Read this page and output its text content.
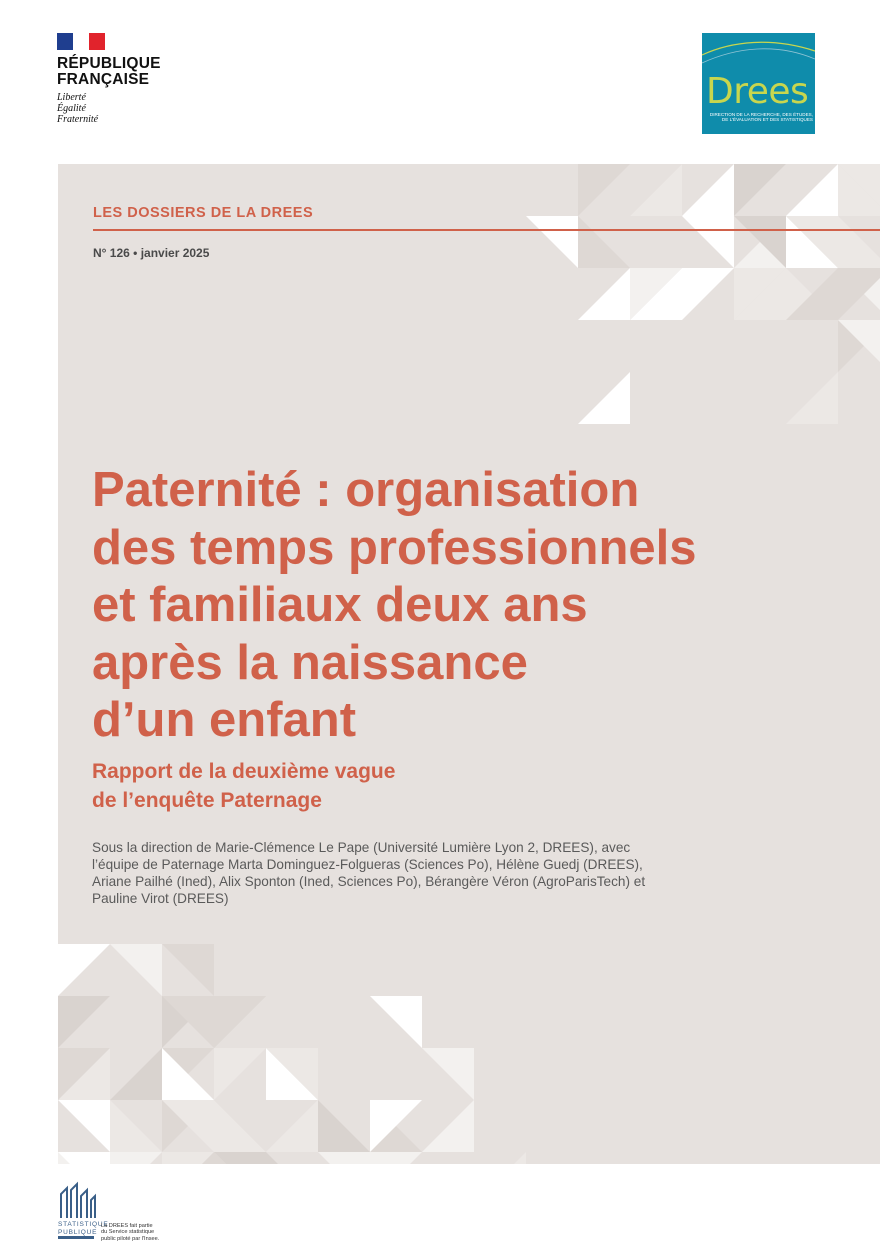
RÉPUBLIQUE
FRANÇAISE
Liberté
Égalité
Fraternité
Drees
DIRECTION DE LA RECHERCHE, DES ÉTUDES,
DE L'ÉVALUATION ET DES STATISTIQUES
LES DOSSIERS DE LA DREES
N° 126 • janvier 2025
Paternité : organisation
des temps professionnels
et familiaux deux ans
après la naissance
d’un enfant
Rapport de la deuxième vague
de l’enquête Paternage
Sous la direction de Marie-Clémence Le Pape (Université Lumière Lyon 2, DREES), avec
l’équipe de Paternage Marta Dominguez-Folgueras (Sciences Po), Hélène Guedj (DREES),
Ariane Pailhé (Ined), Alix Sponton (Ined, Sciences Po), Bérangère Véron (AgroParisTech) et
Pauline Virot (DREES)
STATISTIQUE
PUBLIQUE
La DREES fait partie
du Service statistique
public piloté par l'Insee.
